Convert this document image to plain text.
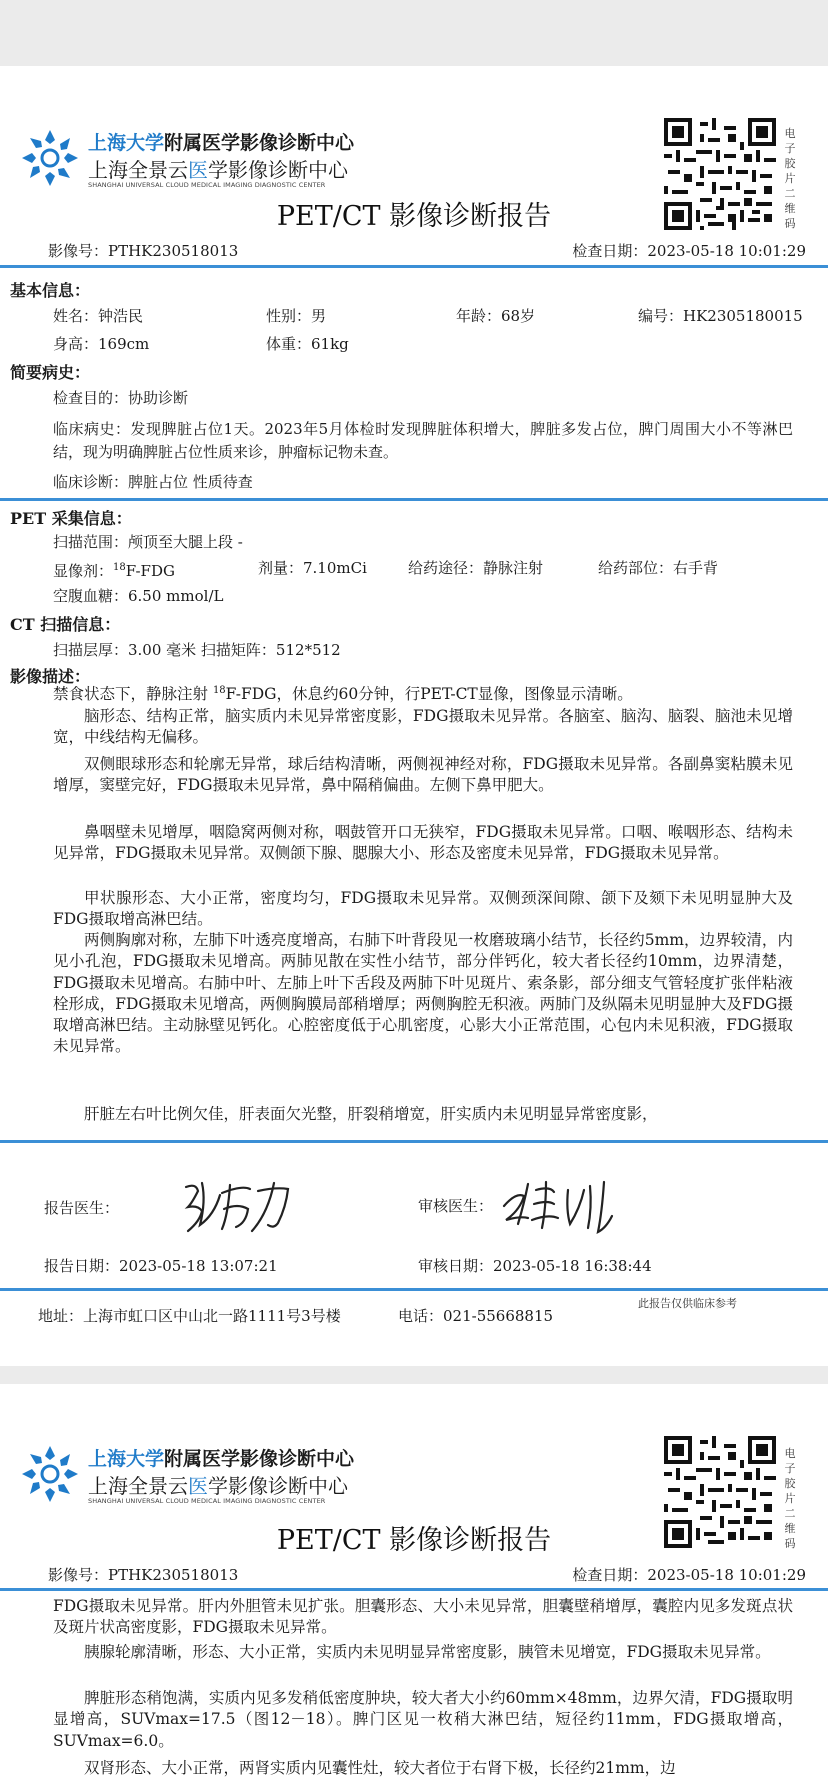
上海大学附属医学影像诊断中心
上海全景云医学影像诊断中心
SHANGHAI UNIVERSAL CLOUD MEDICAL IMAGING DIAGNOSTIC CENTER
电子胶片二维码
PET/CT 影像诊断报告
影像号：PTHK230518013	检查日期：2023-05-18 10:01:29
基本信息：
姓名：钟浩民	性别：男	年龄：68岁	编号：HK2305180015
身高：169cm	体重：61kg
简要病史：
检查目的：协助诊断
临床病史：发现脾脏占位1天。2023年5月体检时发现脾脏体积增大，脾脏多发占位，脾门周围大小不等淋巴结，现为明确脾脏占位性质来诊，肿瘤标记物未查。
临床诊断：脾脏占位 性质待查
PET 采集信息：
扫描范围：颅顶至大腿上段 -
显像剂：$^{18}$F-FDG	剂量：7.10mCi	给药途径：静脉注射	给药部位：右手背
空腹血糖：6.50 mmol/L
CT 扫描信息：
扫描层厚：3.00 毫米 扫描矩阵：512*512
影像描述：
禁食状态下，静脉注射 $^{18}$F-FDG，休息约60分钟，行PET-CT显像，图像显示清晰。
脑形态、结构正常，脑实质内未见异常密度影，FDG摄取未见异常。各脑室、脑沟、脑裂、脑池未见增宽，中线结构无偏移。
双侧眼球形态和轮廓无异常，球后结构清晰，两侧视神经对称，FDG摄取未见异常。各副鼻窦粘膜未见增厚，窦壁完好，FDG摄取未见异常，鼻中隔稍偏曲。左侧下鼻甲肥大。
鼻咽壁未见增厚，咽隐窝两侧对称，咽鼓管开口无狭窄，FDG摄取未见异常。口咽、喉咽形态、结构未见异常，FDG摄取未见异常。双侧颌下腺、腮腺大小、形态及密度未见异常，FDG摄取未见异常。
甲状腺形态、大小正常，密度均匀，FDG摄取未见异常。双侧颈深间隙、颌下及颏下未见明显肿大及FDG摄取增高淋巴结。
两侧胸廓对称，左肺下叶透亮度增高，右肺下叶背段见一枚磨玻璃小结节，长径约5mm，边界较清，内见小孔泡，FDG摄取未见增高。两肺见散在实性小结节，部分伴钙化，较大者长径约10mm，边界清楚，FDG摄取未见增高。右肺中叶、左肺上叶下舌段及两肺下叶见斑片、索条影，部分细支气管轻度扩张伴粘液栓形成，FDG摄取未见增高，两侧胸膜局部稍增厚；两侧胸腔无积液。两肺门及纵隔未见明显肿大及FDG摄取增高淋巴结。主动脉壁见钙化。心腔密度低于心肌密度，心影大小正常范围，心包内未见积液，FDG摄取未见异常。
肝脏左右叶比例欠佳，肝表面欠光整，肝裂稍增宽，肝实质内未见明显异常密度影，
报告医生：	审核医生：
报告日期：2023-05-18 13:07:21	审核日期：2023-05-18 16:38:44
此报告仅供临床参考
地址：上海市虹口区中山北一路1111号3号楼	电话：021-55668815
上海大学附属医学影像诊断中心
上海全景云医学影像诊断中心
SHANGHAI UNIVERSAL CLOUD MEDICAL IMAGING DIAGNOSTIC CENTER
电子胶片二维码
PET/CT 影像诊断报告
影像号：PTHK230518013	检查日期：2023-05-18 10:01:29
FDG摄取未见异常。肝内外胆管未见扩张。胆囊形态、大小未见异常，胆囊壁稍增厚，囊腔内见多发斑点状及斑片状高密度影，FDG摄取未见异常。
胰腺轮廓清晰，形态、大小正常，实质内未见明显异常密度影，胰管未见增宽，FDG摄取未见异常。
脾脏形态稍饱满，实质内见多发稍低密度肿块，较大者大小约60mm×48mm，边界欠清，FDG摄取明显增高，SUVmax=17.5（图12－18）。脾门区见一枚稍大淋巴结，短径约11mm，FDG摄取增高，SUVmax=6.0。
双肾形态、大小正常，两肾实质内见囊性灶，较大者位于右肾下极，长径约21mm，边
